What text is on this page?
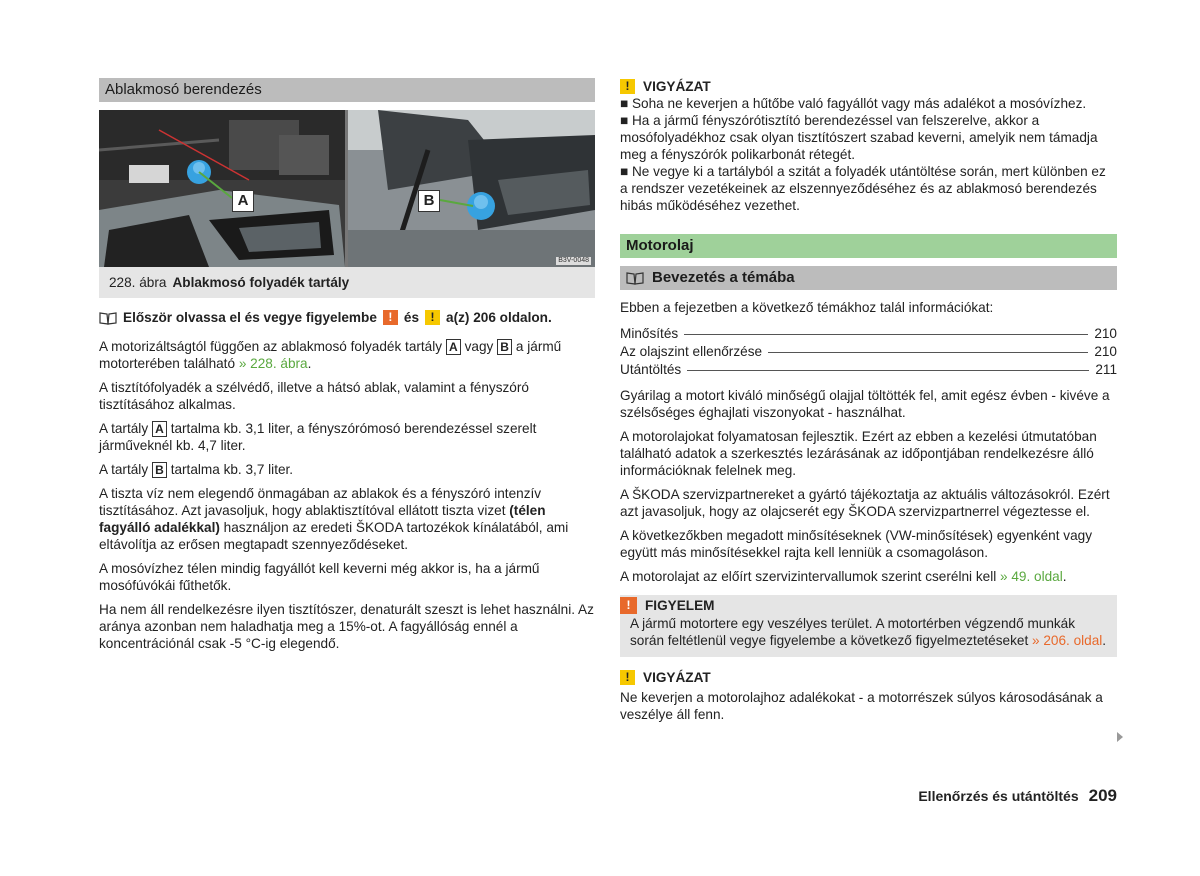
Ablakmosó berendezés
A	B
B3V-0048
228. ábra Ablakmosó folyadék tartály
Először olvassa el és vegye figyelembe ! és ! a(z) 206 oldalon.

A motorizáltságtól függően az ablakmosó folyadék tartály A vagy B a jármű motorterében található » 228. ábra.

A tisztítófolyadék a szélvédő, illetve a hátsó ablak, valamint a fényszóró tisztításához alkalmas.

A tartály A tartalma kb. 3,1 liter, a fényszórómosó berendezéssel szerelt járműveknél kb. 4,7 liter.

A tartály B tartalma kb. 3,7 liter.

A tiszta víz nem elegendő önmagában az ablakok és a fényszóró intenzív tisztításához. Azt javasoljuk, hogy ablaktisztítóval ellátott tiszta vizet (télen fagyálló adalékkal) használjon az eredeti ŠKODA tartozékok kínálatából, ami eltávolítja az erősen megtapadt szennyeződéseket.

A mosóvízhez télen mindig fagyállót kell keverni még akkor is, ha a jármű mosófúvókái fűthetők.

Ha nem áll rendelkezésre ilyen tisztítószer, denaturált szeszt is lehet használni. Az aránya azonban nem haladhatja meg a 15%-ot. A fagyállóság ennél a koncentrációnál csak -5 °C-ig elegendő.

! VIGYÁZAT
■ Soha ne keverjen a hűtőbe való fagyállót vagy más adalékot a mosóvízhez.
■ Ha a jármű fényszórótisztító berendezéssel van felszerelve, akkor a mosófolyadékhoz csak olyan tisztítószert szabad keverni, amelyik nem támadja meg a fényszórók polikarbonát rétegét.
■ Ne vegye ki a tartályból a szitát a folyadék utántöltése során, mert különben ez a rendszer vezetékeinek az elszennyeződéséhez és az ablakmosó berendezés hibás működéséhez vezethet.
Motorolaj
Bevezetés a témába

Ebben a fejezetben a következő témákhoz talál információkat:

Minősítés	210
Az olajszint ellenőrzése	210
Utántöltés	211

Gyárilag a motort kiváló minőségű olajjal töltötték fel, amit egész évben - kivéve a szélsőséges éghajlati viszonyokat - használhat.

A motorolajokat folyamatosan fejlesztik. Ezért az ebben a kezelési útmutatóban található adatok a szerkesztés lezárásának az időpontjában rendelkezésre álló információknak felelnek meg.

A ŠKODA szervizpartnereket a gyártó tájékoztatja az aktuális változásokról. Ezért azt javasoljuk, hogy az olajcserét egy ŠKODA szervizpartnerrel végeztesse el.

A következőkben megadott minősítéseknek (VW-minősítések) egyenként vagy együtt más minősítésekkel rajta kell lenniük a csomagoláson.

A motorolajat az előírt szervizintervallumok szerint cserélni kell » 49. oldal.

!	FIGYELEM
A jármű motortere egy veszélyes terület. A motortérben végzendő munkák során feltétlenül vegye figyelembe a következő figyelmeztetéseket » 206. oldal.
! VIGYÁZAT
Ne keverjen a motorolajhoz adalékokat - a motorrészek súlyos károsodásának a veszélye áll fenn.
Ellenőrzés és utántöltés 209
